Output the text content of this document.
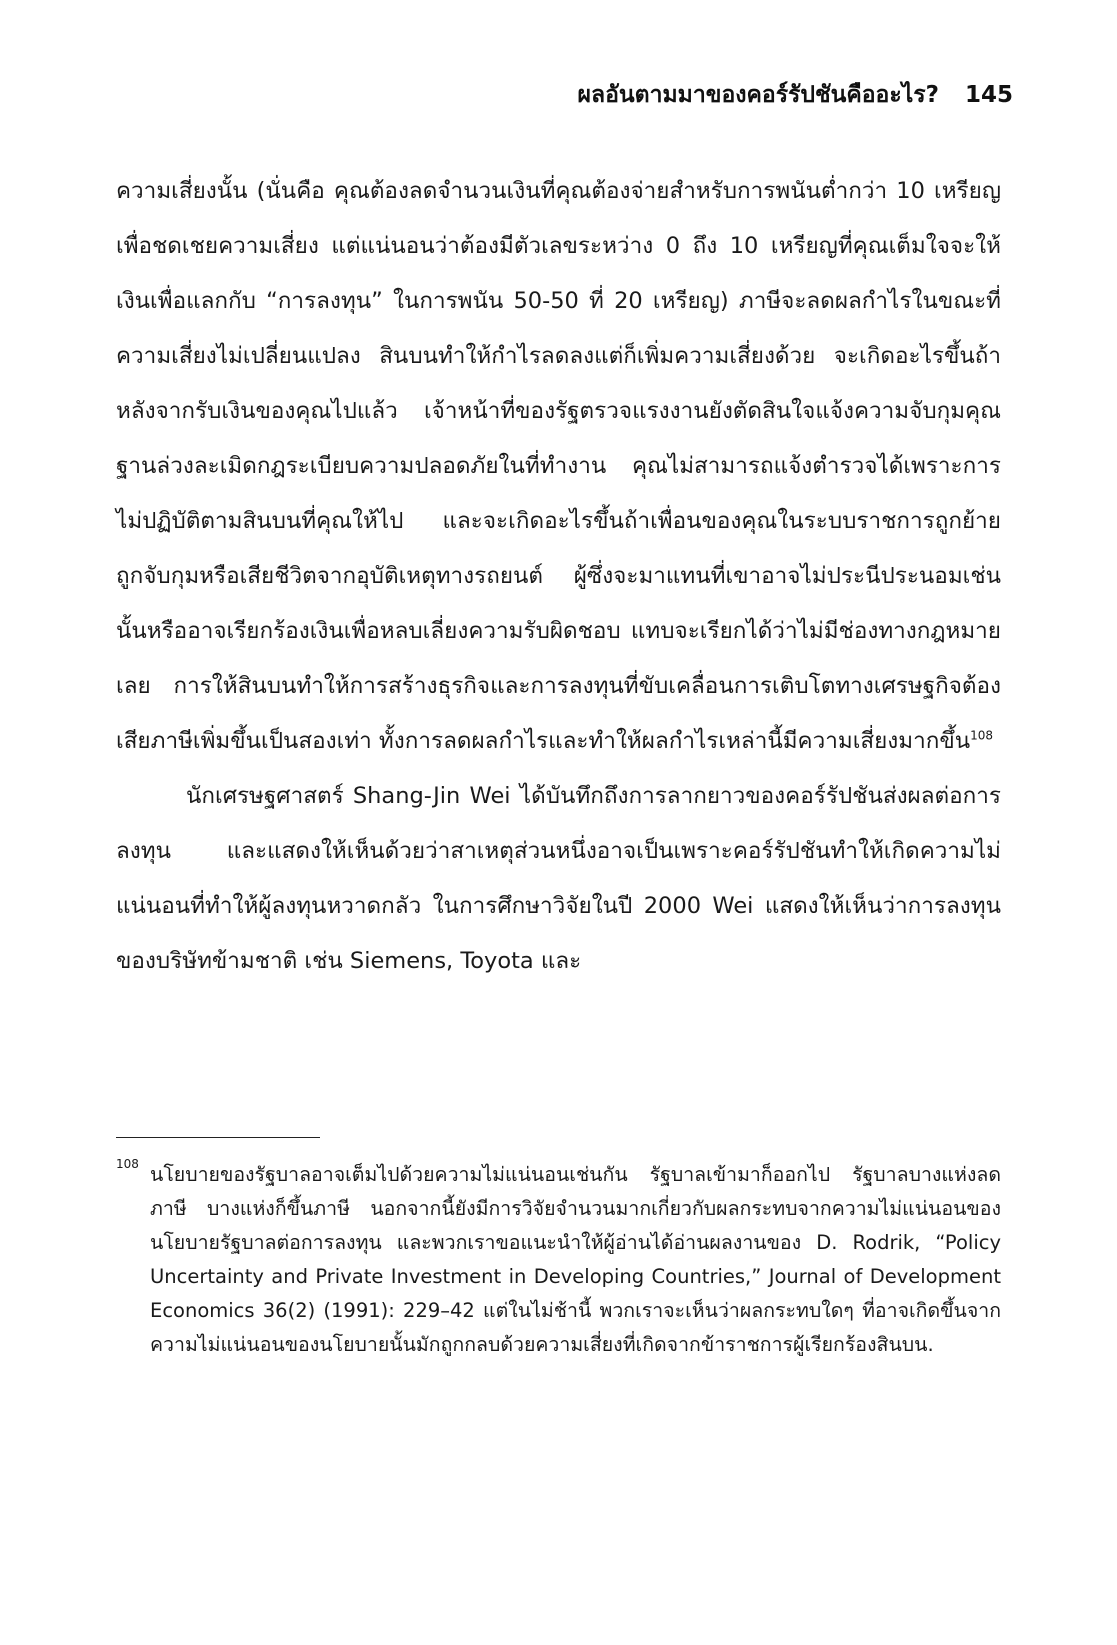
ผลอันตามมาของคอร์รัปชันคืออะไร? 145

ความเสี่ยงนั้น (นั่นคือ คุณต้องลดจำนวนเงินที่คุณต้องจ่ายสำหรับการพนันต่ำกว่า 10 เหรียญเพื่อชดเชยความเสี่ยง แต่แน่นอนว่าต้องมีตัวเลขระหว่าง 0 ถึง 10 เหรียญที่คุณเต็มใจจะให้เงินเพื่อแลกกับ “การลงทุน” ในการพนัน 50-50 ที่ 20 เหรียญ) ภาษีจะลดผลกำไรในขณะที่ความเสี่ยงไม่เปลี่ยนแปลง สินบนทำให้กำไรลดลงแต่ก็เพิ่มความเสี่ยงด้วย จะเกิดอะไรขึ้นถ้าหลังจากรับเงินของคุณไปแล้ว เจ้าหน้าที่ของรัฐตรวจแรงงานยังตัดสินใจแจ้งความจับกุมคุณฐานล่วงละเมิดกฎระเบียบความปลอดภัยในที่ทำงาน คุณไม่สามารถแจ้งตำรวจได้เพราะการไม่ปฏิบัติตามสินบนที่คุณให้ไป และจะเกิดอะไรขึ้นถ้าเพื่อนของคุณในระบบราชการถูกย้าย ถูกจับกุมหรือเสียชีวิตจากอุบัติเหตุทางรถยนต์ ผู้ซึ่งจะมาแทนที่เขาอาจไม่ประนีประนอมเช่นนั้นหรืออาจเรียกร้องเงินเพื่อหลบเลี่ยงความรับผิดชอบ แทบจะเรียกได้ว่าไม่มีช่องทางกฎหมายเลย การให้สินบนทำให้การสร้างธุรกิจและการลงทุนที่ขับเคลื่อนการเติบโตทางเศรษฐกิจต้องเสียภาษีเพิ่มขึ้นเป็นสองเท่า ทั้งการลดผลกำไรและทำให้ผลกำไรเหล่านี้มีความเสี่ยงมากขึ้น$^{108}$

นักเศรษฐศาสตร์ Shang-Jin Wei ได้บันทึกถึงการลากยาวของคอร์รัปชันส่งผลต่อการลงทุน และแสดงให้เห็นด้วยว่าสาเหตุส่วนหนึ่งอาจเป็นเพราะคอร์รัปชันทำให้เกิดความไม่แน่นอนที่ทำให้ผู้ลงทุนหวาดกลัว ในการศึกษาวิจัยในปี 2000 Wei แสดงให้เห็นว่าการลงทุนของบริษัทข้ามชาติ เช่น Siemens, Toyota และ

108 นโยบายของรัฐบาลอาจเต็มไปด้วยความไม่แน่นอนเช่นกัน รัฐบาลเข้ามาก็ออกไป รัฐบาลบางแห่งลดภาษี บางแห่งก็ขึ้นภาษี นอกจากนี้ยังมีการวิจัยจำนวนมากเกี่ยวกับผลกระทบจากความไม่แน่นอนของนโยบายรัฐบาลต่อการลงทุน และพวกเราขอแนะนำให้ผู้อ่านได้อ่านผลงานของ D. Rodrik, “Policy Uncertainty and Private Investment in Developing Countries,” Journal of Development Economics 36(2) (1991): 229–42 แต่ในไม่ช้านี้ พวกเราจะเห็นว่าผลกระทบใดๆ ที่อาจเกิดขึ้นจากความไม่แน่นอนของนโยบายนั้นมักถูกกลบด้วยความเสี่ยงที่เกิดจากข้าราชการผู้เรียกร้องสินบน.
